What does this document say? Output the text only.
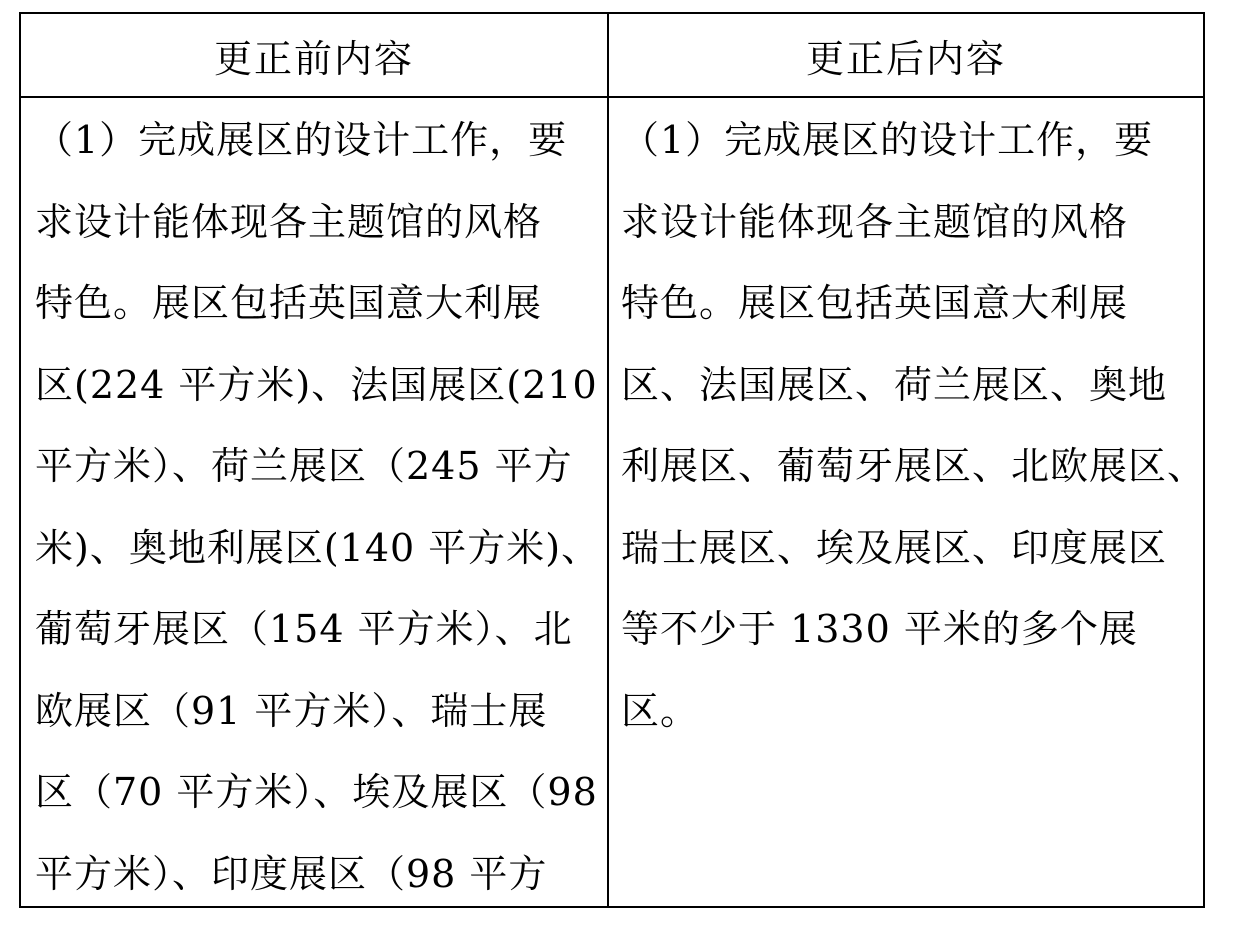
更正前内容	更正后内容
（1）完成展区的设计工作，要
求设计能体现各主题馆的风格
特色。展区包括英国意大利展
区(224 平方米)、法国展区(210
平方米）、荷兰展区（245 平方
米)、奥地利展区(140 平方米)、
葡萄牙展区（154 平方米）、北
欧展区（91 平方米）、瑞士展
区（70 平方米）、埃及展区（98
平方米）、印度展区（98 平方
（1）完成展区的设计工作，要
求设计能体现各主题馆的风格
特色。展区包括英国意大利展
区、法国展区、荷兰展区、奥地
利展区、葡萄牙展区、北欧展区、
瑞士展区、埃及展区、印度展区
等不少于 1330 平米的多个展
区。
